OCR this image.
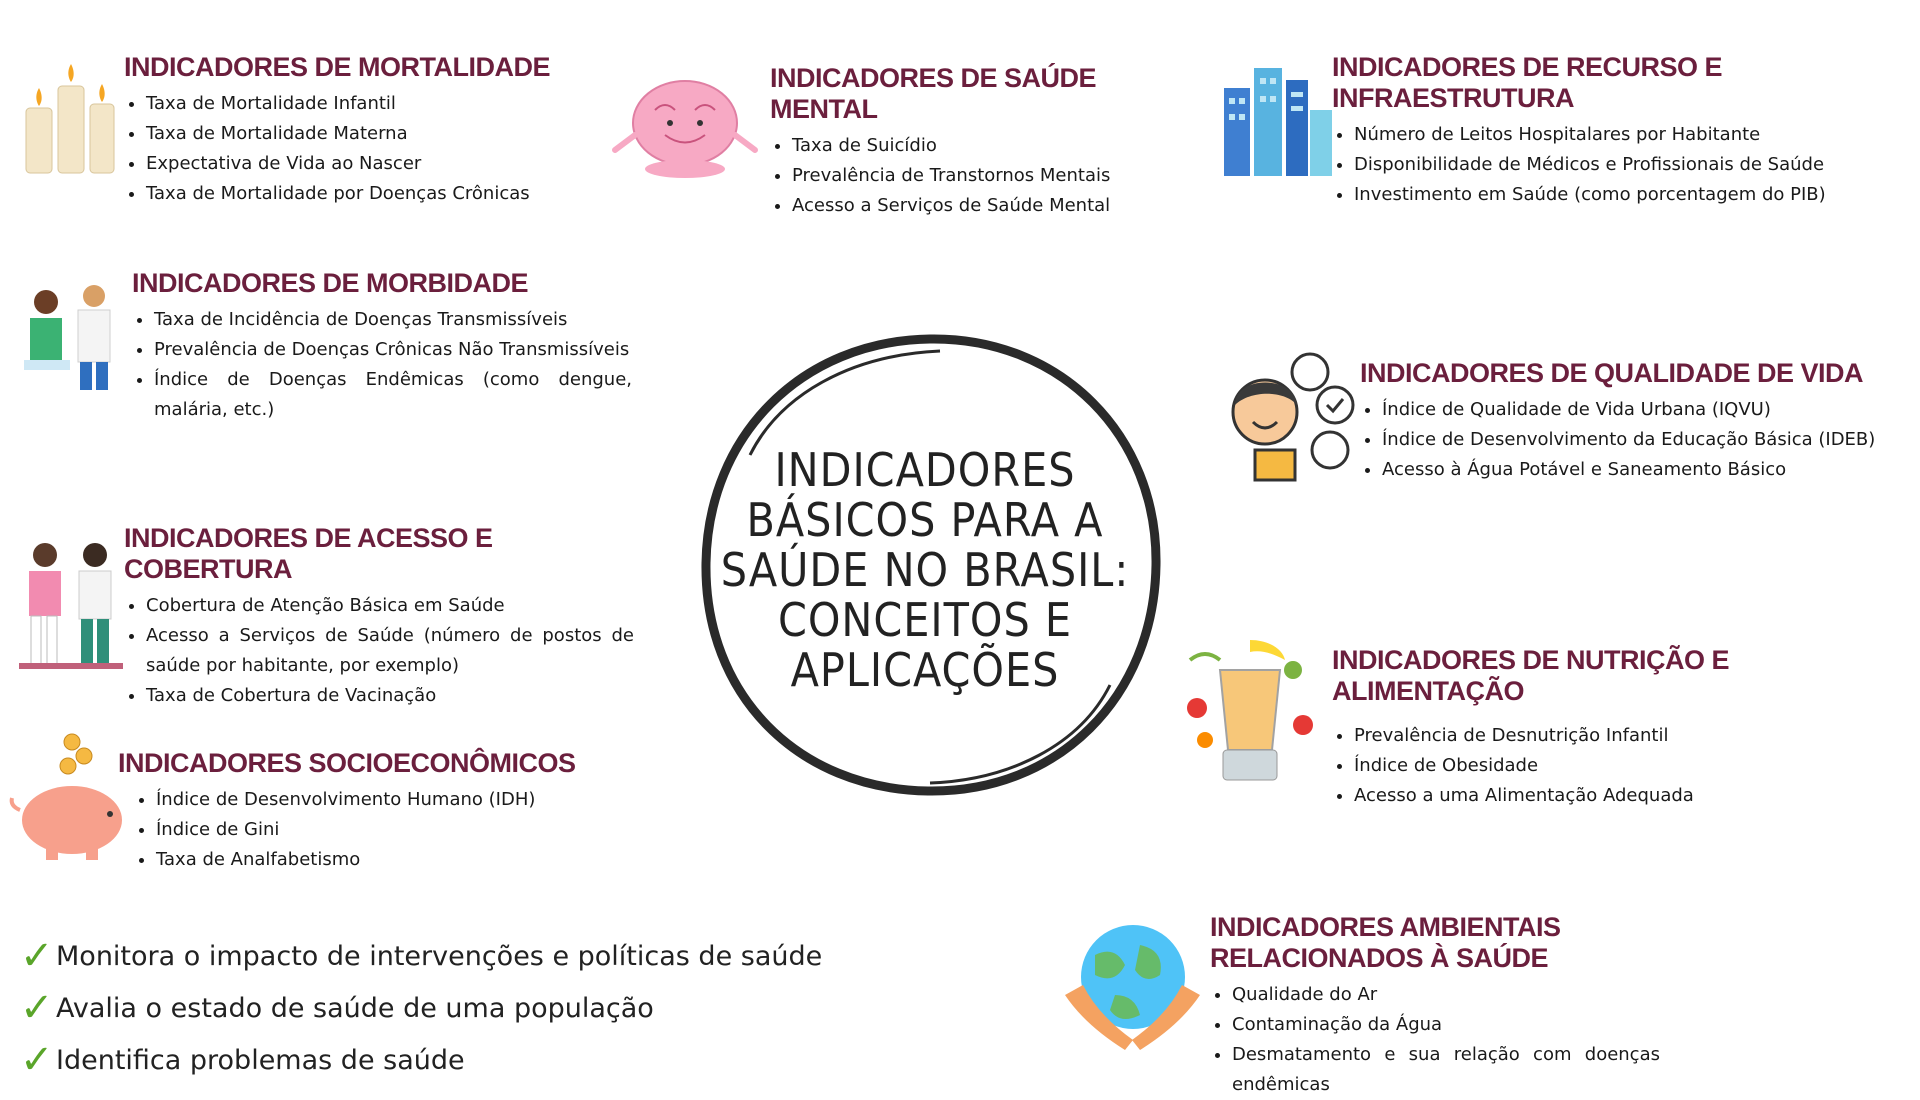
INDICADORES BÁSICOS PARA A SAÚDE NO BRASIL: CONCEITOS E APLICAÇÕES
INDICADORES DE MORTALIDADE
• Taxa de Mortalidade Infantil
• Taxa de Mortalidade Materna
• Expectativa de Vida ao Nascer
• Taxa de Mortalidade por Doenças Crônicas
INDICADORES DE SAÚDE MENTAL
• Taxa de Suicídio
• Prevalência de Transtornos Mentais
• Acesso a Serviços de Saúde Mental
INDICADORES DE RECURSO E INFRAESTRUTURA
• Número de Leitos Hospitalares por Habitante
• Disponibilidade de Médicos e Profissionais de Saúde
• Investimento em Saúde (como porcentagem do PIB)
INDICADORES DE MORBIDADE
• Taxa de Incidência de Doenças Transmissíveis
• Prevalência de Doenças Crônicas Não Transmissíveis
• Índice de Doenças Endêmicas (como dengue, malária, etc.)
INDICADORES DE QUALIDADE DE VIDA
• Índice de Qualidade de Vida Urbana (IQVU)
• Índice de Desenvolvimento da Educação Básica (IDEB)
• Acesso à Água Potável e Saneamento Básico
INDICADORES DE ACESSO E COBERTURA
• Cobertura de Atenção Básica em Saúde
• Acesso a Serviços de Saúde (número de postos de saúde por habitante, por exemplo)
• Taxa de Cobertura de Vacinação
INDICADORES DE NUTRIÇÃO E ALIMENTAÇÃO
• Prevalência de Desnutrição Infantil
• Índice de Obesidade
• Acesso a uma Alimentação Adequada
INDICADORES SOCIOECONÔMICOS
• Índice de Desenvolvimento Humano (IDH)
• Índice de Gini
• Taxa de Analfabetismo
INDICADORES AMBIENTAIS RELACIONADOS À SAÚDE
• Qualidade do Ar
• Contaminação da Água
• Desmatamento e sua relação com doenças endêmicas
✓ Monitora o impacto de intervenções e políticas de saúde
✓ Avalia o estado de saúde de uma população
✓ Identifica problemas de saúde
